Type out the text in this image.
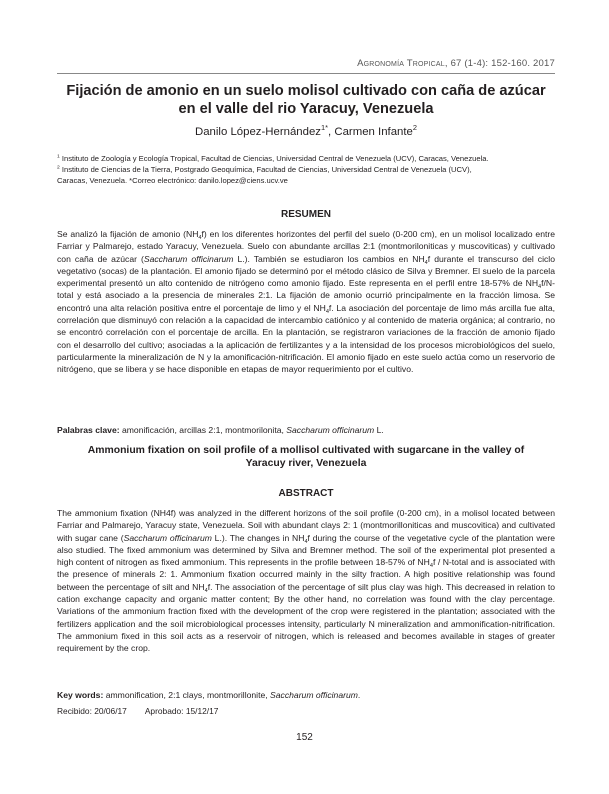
Agronomía Tropical, 67 (1-4): 152-160. 2017
Fijación de amonio en un suelo molisol cultivado con caña de azúcar
en el valle del rio Yaracuy, Venezuela
Danilo López-Hernández$^{1*}$, Carmen Infante$^2$
$^1$ Instituto de Zoología y Ecología Tropical, Facultad de Ciencias, Universidad Central de Venezuela (UCV), Caracas, Venezuela.
$^2$ Instituto de Ciencias de la Tierra, Postgrado Geoquímica, Facultad de Ciencias, Universidad Central de Venezuela (UCV),
Caracas, Venezuela. *Correo electrónico: danilo.lopez@ciens.ucv.ve
RESUMEN

Se analizó la fijación de amonio $(NH_4f)$ en los diferentes horizontes del perfil del suelo (0-200 cm), en un molisol localizado entre Farriar y Palmarejo, estado Yaracuy, Venezuela. Suelo con abundante arcillas 2:1 (montmoriloniticas y muscoviticas) y cultivado con caña de azúcar (Saccharum officinarum L.). También se estudiaron los cambios en $NH_4f$ durante el transcurso del ciclo vegetativo (socas) de la plantación. El amonio fijado se determinó por el método clásico de Silva y Bremner. El suelo de la parcela experimental presentó un alto contenido de nitrógeno como amonio fijado. Este representa en el perfil entre 18-57% de $NH_4f/N$-total y está asociado a la presencia de minerales 2:1. La fijación de amonio ocurrió principalmente en la fracción limosa. Se encontró una alta relación positiva entre el porcentaje de limo y el $NH_4f$. La asociación del porcentaje de limo más arcilla fue alta, correlación que disminuyó con relación a la capacidad de intercambio catiónico y al contenido de materia orgánica; al contrario, no se encontró correlación con el porcentaje de arcilla. En la plantación, se registraron variaciones de la fracción de amonio fijado con el desarrollo del cultivo; asociadas a la aplicación de fertilizantes y a la intensidad de los procesos microbiológicos del suelo, particularmente la mineralización de N y la amonificación-nitrificación. El amonio fijado en este suelo actúa como un reservorio de nitrógeno, que se libera y se hace disponible en etapas de mayor requerimiento por el cultivo.

Palabras clave: amonificación, arcillas 2:1, montmorilonita, Saccharum officinarum L.
Ammonium fixation on soil profile of a mollisol cultivated with sugarcane in the valley of
Yaracuy river, Venezuela
ABSTRACT

The ammonium fixation (NH4f) was analyzed in the different horizons of the soil profile (0-200 cm), in a molisol located between Farriar and Palmarejo, Yaracuy state, Venezuela. Soil with abundant clays 2: 1 (montmorilloniticas and muscovitica) and cultivated with sugar cane (Saccharum officinarum L.). The changes in $NH_4f$ during the course of the vegetative cycle of the plantation were also studied. The fixed ammonium was determined by Silva and Bremner method. The soil of the experimental plot presented a high content of nitrogen as fixed ammonium. This represents in the profile between 18-57% of $NH_4f$ / N-total and is associated with the presence of minerals 2: 1. Ammonium fixation occurred mainly in the silty fraction. A high positive relationship was found between the percentage of silt and $NH_4f$. The association of the percentage of silt plus clay was high. This decreased in relation to cation exchange capacity and organic matter content; By the other hand, no correlation was found with the clay percentage. Variations of the ammonium fraction fixed with the development of the crop were registered in the plantation; associated with the fertilizers application and the soil microbiological processes intensity, particularly N mineralization and ammonification-nitrification. The ammonium fixed in this soil acts as a reservoir of nitrogen, which is released and becomes available in stages of greater requirement by the crop.

Key words: ammonification, 2:1 clays, montmorillonite, Saccharum officinarum.
Recibido: 20/06/17 Aprobado: 15/12/17
152
